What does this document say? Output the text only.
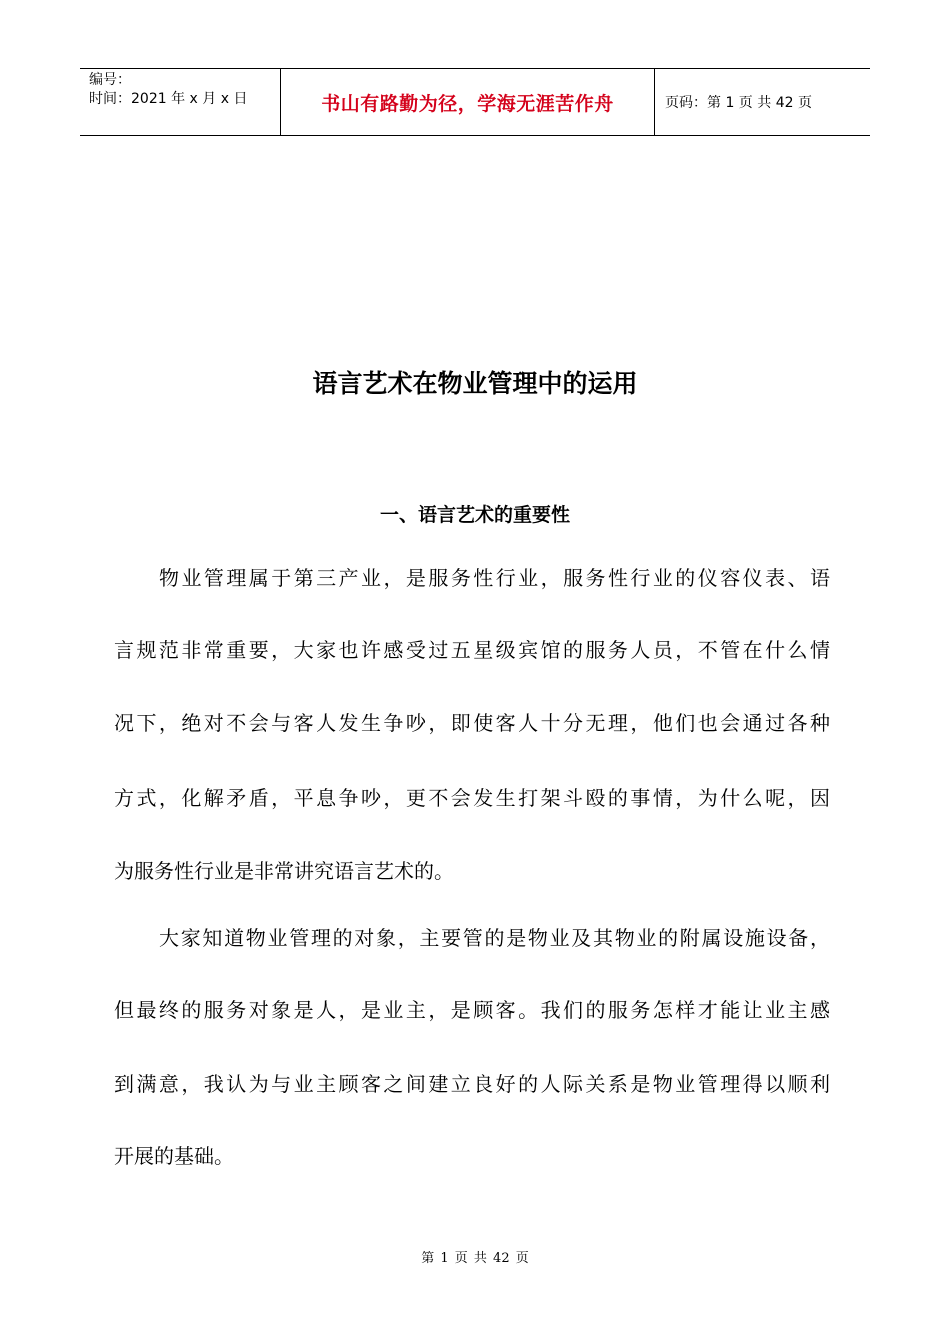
编号：
时间：2021 年 x 月 x 日	书山有路勤为径，学海无涯苦作舟	页码：第 1 页 共 42 页
语言艺术在物业管理中的运用
一、语言艺术的重要性
物业管理属于第三产业，是服务性行业，服务性行业的仪容仪表、语
言规范非常重要，大家也许感受过五星级宾馆的服务人员，不管在什么情
况下，绝对不会与客人发生争吵，即使客人十分无理，他们也会通过各种
方式，化解矛盾，平息争吵，更不会发生打架斗殴的事情，为什么呢，因
为服务性行业是非常讲究语言艺术的。
大家知道物业管理的对象，主要管的是物业及其物业的附属设施设备，
但最终的服务对象是人，是业主，是顾客。我们的服务怎样才能让业主感
到满意，我认为与业主顾客之间建立良好的人际关系是物业管理得以顺利
开展的基础。
第 1 页 共 42 页
